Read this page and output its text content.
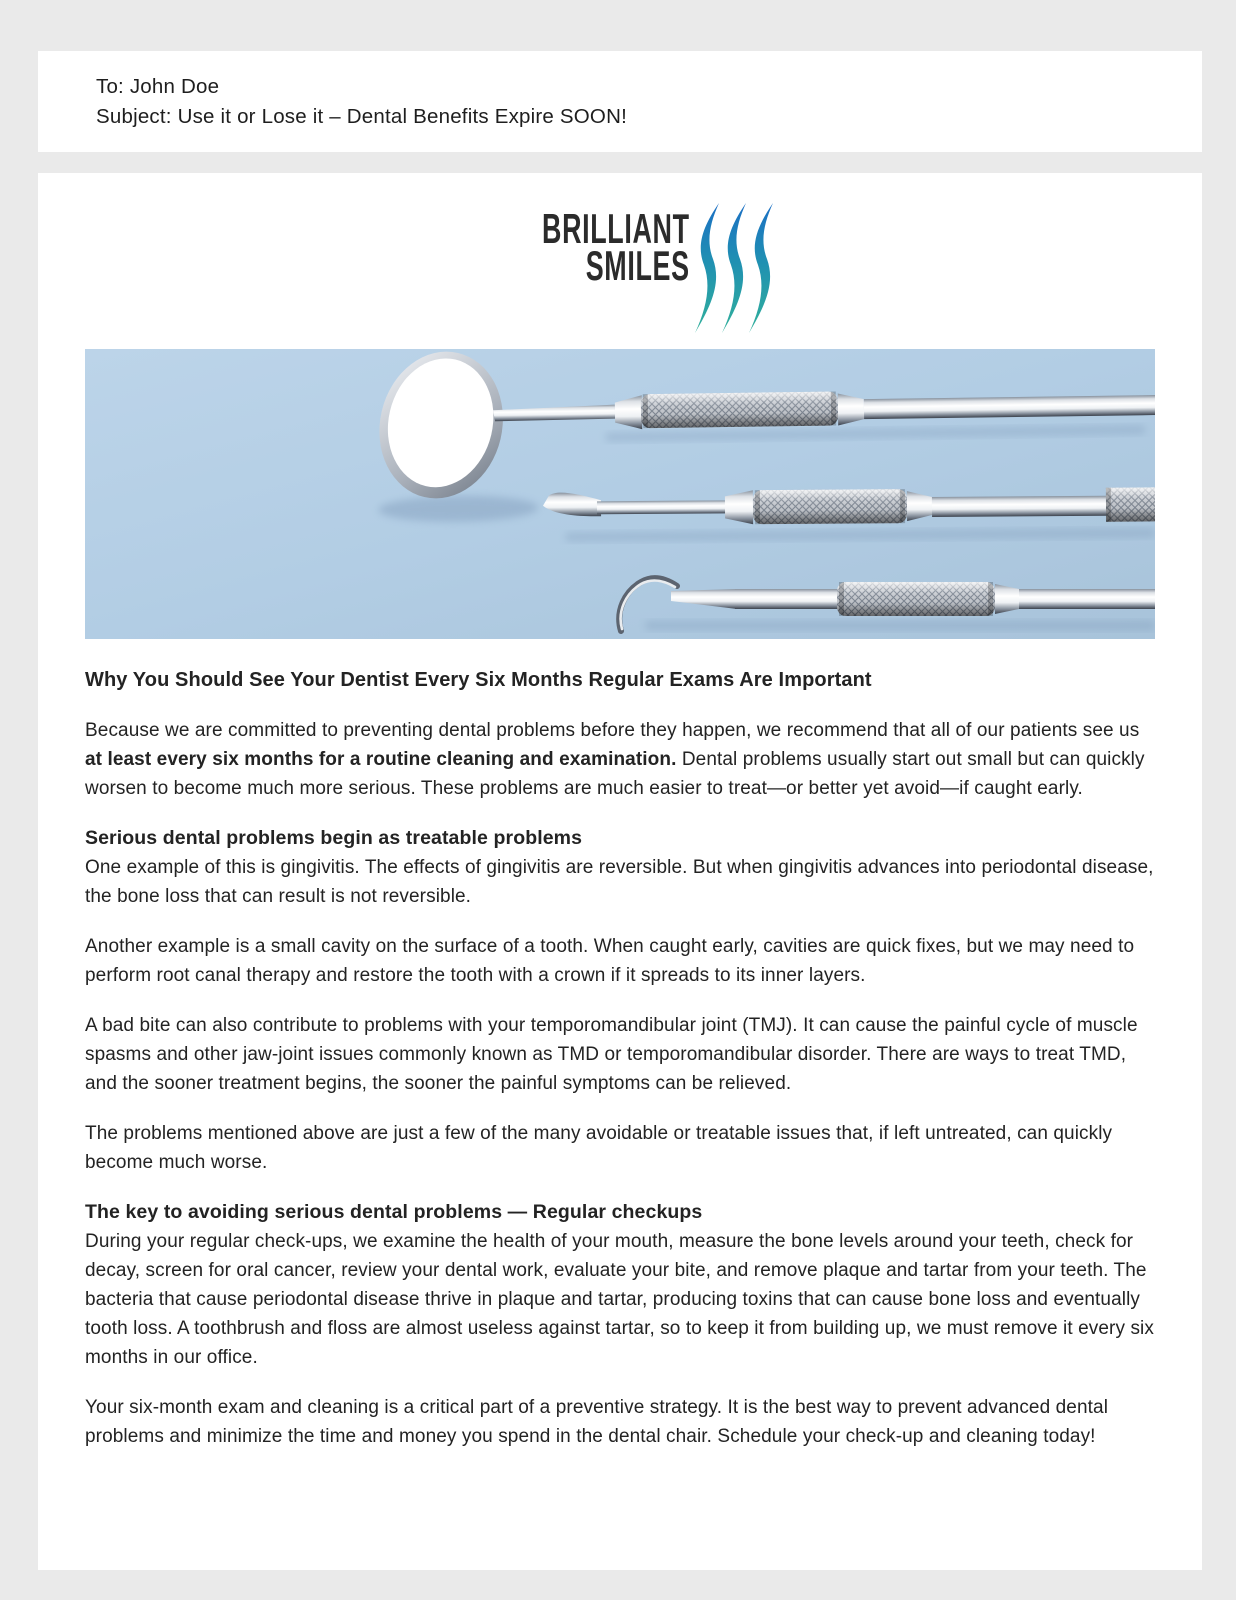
To: John Doe
Subject: Use it or Lose it – Dental Benefits Expire SOON!
BRILLIANT
SMILES
Why You Should See Your Dentist Every Six Months Regular Exams Are Important

Because we are committed to preventing dental problems before they happen, we recommend that all of our patients see us at least every six months for a routine cleaning and examination. Dental problems usually start out small but can quickly worsen to become much more serious. These problems are much easier to treat—or better yet avoid—if caught early.

Serious dental problems begin as treatable problems
One example of this is gingivitis. The effects of gingivitis are reversible. But when gingivitis advances into periodontal disease, the bone loss that can result is not reversible.

Another example is a small cavity on the surface of a tooth. When caught early, cavities are quick fixes, but we may need to perform root canal therapy and restore the tooth with a crown if it spreads to its inner layers.

A bad bite can also contribute to problems with your temporomandibular joint (TMJ). It can cause the painful cycle of muscle spasms and other jaw-joint issues commonly known as TMD or temporomandibular disorder. There are ways to treat TMD, and the sooner treatment begins, the sooner the painful symptoms can be relieved.

The problems mentioned above are just a few of the many avoidable or treatable issues that, if left untreated, can quickly become much worse.

The key to avoiding serious dental problems — Regular checkups
During your regular check-ups, we examine the health of your mouth, measure the bone levels around your teeth, check for decay, screen for oral cancer, review your dental work, evaluate your bite, and remove plaque and tartar from your teeth. The bacteria that cause periodontal disease thrive in plaque and tartar, producing toxins that can cause bone loss and eventually tooth loss. A toothbrush and floss are almost useless against tartar, so to keep it from building up, we must remove it every six months in our office.

Your six-month exam and cleaning is a critical part of a preventive strategy. It is the best way to prevent advanced dental problems and minimize the time and money you spend in the dental chair. Schedule your check-up and cleaning today!
